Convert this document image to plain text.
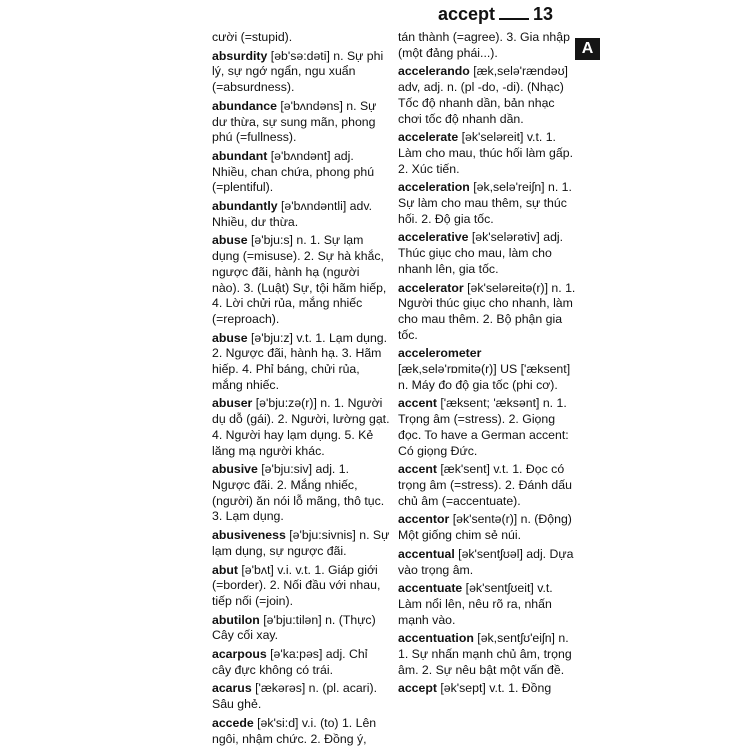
accept 13
A
cười (=stupid).
absurdity [əb'sə:dəti] n. Sự phi lý, sự ngớ ngẩn, ngu xuẩn (=absurdness).
abundance [ə'bʌndəns] n. Sự dư thừa, sự sung mãn, phong phú (=fullness).
abundant [ə'bʌndənt] adj. Nhiều, chan chứa, phong phú (=plentiful).
abundantly [ə'bʌndəntli] adv. Nhiều, dư thừa.
abuse [ə'bju:s] n. 1. Sự lạm dụng (=misuse). 2. Sự hà khắc, ngược đãi, hành hạ (người nào). 3. (Luật) Sự, tội hãm hiếp, 4. Lời chửi rủa, mắng nhiếc (=reproach).
abuse [ə'bju:z] v.t. 1. Lạm dụng. 2. Ngược đãi, hành hạ. 3. Hãm hiếp. 4. Phỉ báng, chửi rủa, mắng nhiếc.
abuser [ə'bju:zə(r)] n. 1. Người dụ dỗ (gái). 2. Người, lường gạt. 4. Người hay lạm dụng. 5. Kẻ lăng mạ người khác.
abusive [ə'bju:siv] adj. 1. Ngược đãi. 2. Mắng nhiếc, (người) ăn nói lỗ mãng, thô tục. 3. Lạm dụng.
abusiveness [ə'bju:sivnis] n. Sự lạm dụng, sự ngược đãi.
abut [ə'bʌt] v.i. v.t. 1. Giáp giới (=border). 2. Nối đầu với nhau, tiếp nối (=join).
abutilon [ə'bju:tilən] n. (Thực) Cây cối xay.
acarpous [ə'ka:pəs] adj. Chỉ cây đực không có trái.
acarus ['ækərəs] n. (pl. acari). Sâu ghẻ.
accede [ək'si:d] v.i. (to) 1. Lên ngôi, nhậm chức. 2. Đồng ý,
tán thành (=agree). 3. Gia nhập (một đảng phái...).
accelerando [æk,selə'rændəʊ] adv, adj. n. (pl -do, -di). (Nhạc) Tốc độ nhanh dần, bản nhạc chơi tốc độ nhanh dần.
accelerate [ək'seləreit] v.t. 1. Làm cho mau, thúc hối làm gấp. 2. Xúc tiến.
acceleration [ək,selə'reiʃn] n. 1. Sự làm cho mau thêm, sự thúc hối. 2. Độ gia tốc.
accelerative [ək'selərətiv] adj. Thúc giục cho mau, làm cho nhanh lên, gia tốc.
accelerator [ək'seləreitə(r)] n. 1. Người thúc giục cho nhanh, làm cho mau thêm. 2. Bộ phận gia tốc.
accelerometer [æk,selə'rɒmitə(r)] US ['æksent] n. Máy đo độ gia tốc (phi cơ).
accent ['æksent; 'æksənt] n. 1. Trọng âm (=stress). 2. Giọng đọc. To have a German accent: Có giọng Đức.
accent [æk'sent] v.t. 1. Đọc có trọng âm (=stress). 2. Đánh dấu chủ âm (=accentuate).
accentor [ək'sentə(r)] n. (Động) Một giống chim sẻ núi.
accentual [ək'sentʃʊəl] adj. Dựa vào trọng âm.
accentuate [ək'sentʃʊeit] v.t. Làm nổi lên, nêu rõ ra, nhấn mạnh vào.
accentuation [ək,sentʃʊ'eiʃn] n. 1. Sự nhấn mạnh chủ âm, trọng âm. 2. Sự nêu bật một vấn đề.
accept [ək'sept] v.t. 1. Đồng
